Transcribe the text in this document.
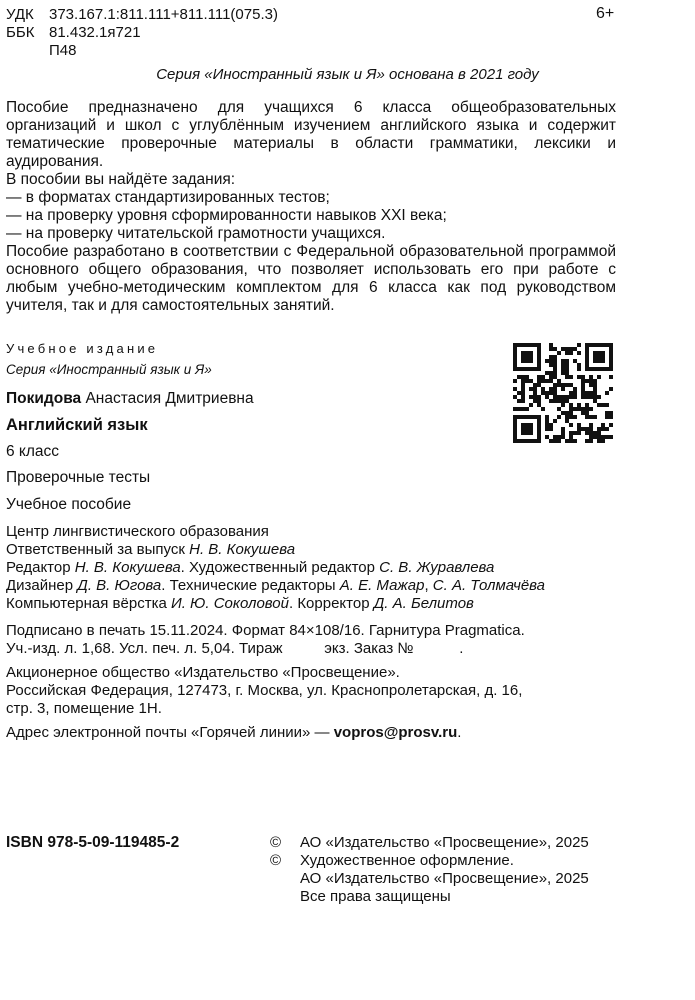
УДК	373.167.1:811.111+811.111(075.3)
ББК 81.432.1я721
П48
6+
Серия «Иностранный язык и Я» основана в 2021 году

Пособие предназначено для учащихся 6 класса общеобразовательных организаций и школ с углублённым изучением английского языка и содержит тематические проверочные материалы в области грамматики, лексики и аудирования.

В пособии вы найдёте задания:

— в форматах стандартизированных тестов;

— на проверку уровня сформированности навыков XXI века;

— на проверку читательской грамотности учащихся.

Пособие разработано в соответствии с Федеральной образовательной программой основного общего образования, что позволяет использовать его при работе с любым учебно-методическим комплектом для 6 класса как под руководством учителя, так и для самостоятельных занятий.

Учебное издание
Серия «Иностранный язык и Я»
Покидова Анастасия Дмитриевна
Английский язык
6 класс
Проверочные тесты
Учебное пособие
Центр лингвистического образования
Ответственный за выпуск Н. В. Кокушева
Редактор Н. В. Кокушева. Художественный редактор С. В. Журавлева
Дизайнер Д. В. Югова. Технические редакторы А. Е. Мажар, С. А. Толмачёва
Компьютерная вёрстка И. Ю. Соколовой. Корректор Д. А. Белитов
Подписано в печать 15.11.2024. Формат 84×108/16. Гарнитура Pragmatica.
Уч.-изд. л. 1,68. Усл. печ. л. 5,04. Тираж          экз. Заказ №           .
Акционерное общество «Издательство «Просвещение».
Российская Федерация, 127473, г. Москва, ул. Краснопролетарская, д. 16,
стр. 3, помещение 1Н.
Адрес электронной почты «Горячей линии» — vopros@prosv.ru.
ISBN 978-5-09-119485-2	© АО «Издательство «Просвещение», 2025
© Художественное оформление.
АО «Издательство «Просвещение», 2025
Все права защищены
